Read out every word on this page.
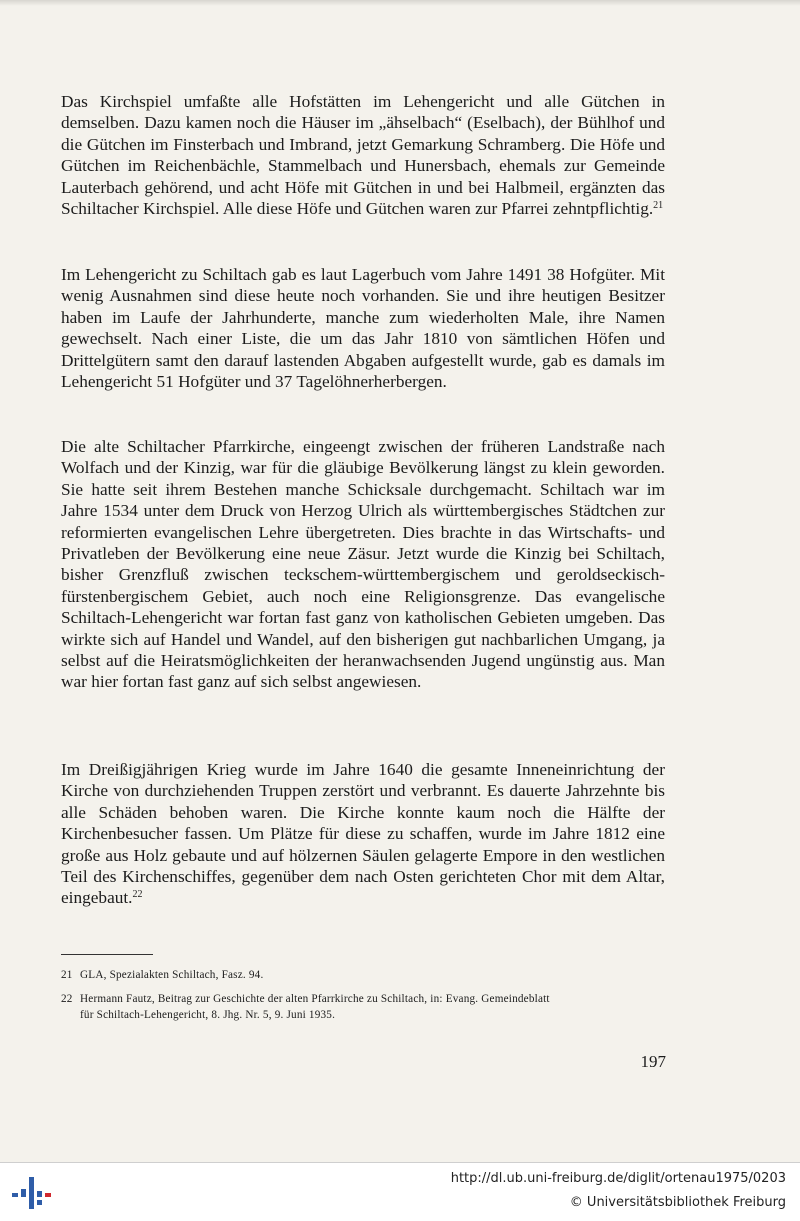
Das Kirchspiel umfaßte alle Hofstätten im Lehengericht und alle Gütchen in demselben. Dazu kamen noch die Häuser im „ähselbach“ (Eselbach), der Bühlhof und die Gütchen im Finsterbach und Imbrand, jetzt Gemarkung Schramberg. Die Höfe und Gütchen im Reichenbächle, Stammelbach und Hunersbach, ehemals zur Gemeinde Lauterbach gehörend, und acht Höfe mit Gütchen in und bei Halbmeil, ergänzten das Schiltacher Kirchspiel. Alle diese Höfe und Gütchen waren zur Pfarrei zehntpflichtig.$^{21}$
Im Lehengericht zu Schiltach gab es laut Lagerbuch vom Jahre 1491 38 Hofgüter. Mit wenig Ausnahmen sind diese heute noch vorhanden. Sie und ihre heutigen Besitzer haben im Laufe der Jahrhunderte, manche zum wiederholten Male, ihre Namen gewechselt. Nach einer Liste, die um das Jahr 1810 von sämtlichen Höfen und Drittelgütern samt den darauf lastenden Abgaben aufgestellt wurde, gab es damals im Lehengericht 51 Hofgüter und 37 Tagelöhnerherbergen.
Die alte Schiltacher Pfarrkirche, eingeengt zwischen der früheren Landstraße nach Wolfach und der Kinzig, war für die gläubige Bevölkerung längst zu klein geworden. Sie hatte seit ihrem Bestehen manche Schicksale durchgemacht. Schiltach war im Jahre 1534 unter dem Druck von Herzog Ulrich als württembergisches Städtchen zur reformierten evangelischen Lehre übergetreten. Dies brachte in das Wirtschafts- und Privatleben der Bevölkerung eine neue Zäsur. Jetzt wurde die Kinzig bei Schiltach, bisher Grenzfluß zwischen teckschem-württembergischem und geroldseckisch-fürstenbergischem Gebiet, auch noch eine Religionsgrenze. Das evangelische Schiltach-Lehengericht war fortan fast ganz von katholischen Gebieten umgeben. Das wirkte sich auf Handel und Wandel, auf den bisherigen gut nachbarlichen Umgang, ja selbst auf die Heiratsmöglichkeiten der heranwachsenden Jugend ungünstig aus. Man war hier fortan fast ganz auf sich selbst angewiesen.
Im Dreißigjährigen Krieg wurde im Jahre 1640 die gesamte Inneneinrichtung der Kirche von durchziehenden Truppen zerstört und verbrannt. Es dauerte Jahrzehnte bis alle Schäden behoben waren. Die Kirche konnte kaum noch die Hälfte der Kirchenbesucher fassen. Um Plätze für diese zu schaffen, wurde im Jahre 1812 eine große aus Holz gebaute und auf hölzernen Säulen gelagerte Empore in den westlichen Teil des Kirchenschiffes, gegenüber dem nach Osten gerichteten Chor mit dem Altar, eingebaut.$^{22}$
21 GLA, Spezialakten Schiltach, Fasz. 94.
22 Hermann Fautz, Beitrag zur Geschichte der alten Pfarrkirche zu Schiltach, in: Evang. Gemeindeblatt
für Schiltach-Lehengericht, 8. Jhg. Nr. 5, 9. Juni 1935.
197
http://dl.ub.uni-freiburg.de/diglit/ortenau1975/0203
© Universitätsbibliothek Freiburg
